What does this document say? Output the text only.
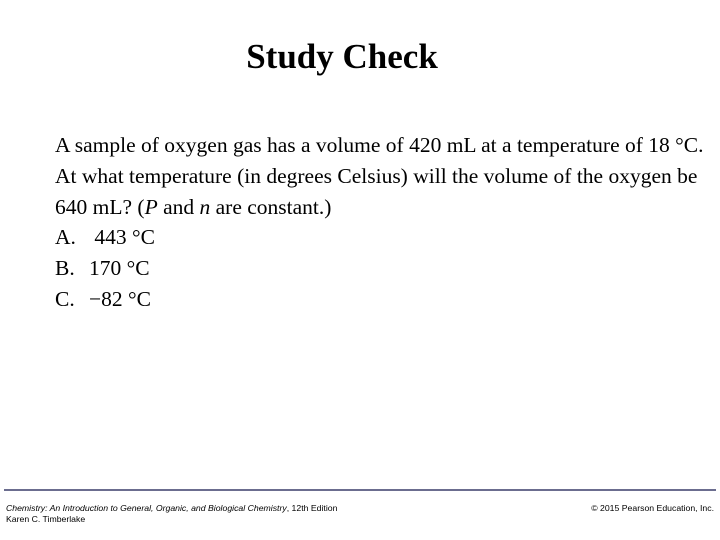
Study Check

A sample of oxygen gas has a volume of 420 mL at a temperature of 18 °C. At what temperature (in degrees Celsius) will the volume of the oxygen be 640 mL? (P and n are constant.)

A. 443 °C
B. 170 °C
C. −82 °C
Chemistry: An Introduction to General, Organic, and Biological Chemistry, 12th Edition
Karen C. Timberlake
© 2015 Pearson Education, Inc.
